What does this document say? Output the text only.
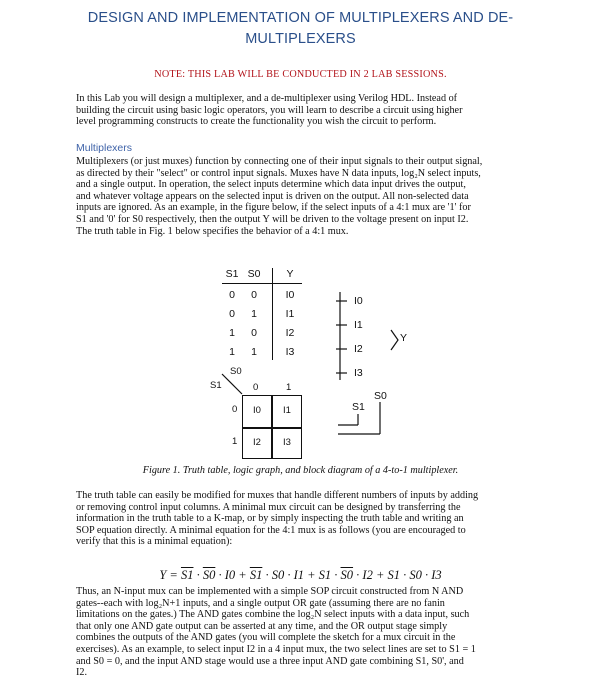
DESIGN AND IMPLEMENTATION OF MULTIPLEXERS AND DE-
MULTIPLEXERS
NOTE: THIS LAB WILL BE CONDUCTED IN 2 LAB SESSIONS.
In this Lab you will design a multiplexer, and a de-multiplexer using Verilog HDL. Instead of
building the circuit using basic logic operators, you will learn to describe a circuit using higher
level programming constructs to create the functionality you wish the circuit to perform.
Multiplexers
Multiplexers (or just muxes) function by connecting one of their input signals to their output signal,
as directed by their "select" or control input signals. Muxes have N data inputs, log₂N select inputs,
and a single output. In operation, the select inputs determine which data input drives the output,
and whatever voltage appears on the selected input is driven on the output. All non-selected data
inputs are ignored. As an example, in the figure below, if the select inputs of a 4:1 mux are '1' for
S1 and '0' for S0 respectively, then the output Y will be driven to the voltage present on input I2.
The truth table in Fig. 1 below specifies the behavior of a 4:1 mux.
S1 S0	Y
0	0	I0
0	1	I1
1	0	I2
1	1	I3
S0
S1	0	1
0
1
I0	I1
I2	I3
I0
I1
I2
I3
Y
S0
S1
Figure 1. Truth table, logic graph, and block diagram of a 4-to-1 multiplexer.
The truth table can easily be modified for muxes that handle different numbers of inputs by adding
or removing control input columns. A minimal mux circuit can be designed by transferring the
information in the truth table to a K-map, or by simply inspecting the truth table and writing an
SOP equation directly. A minimal equation for the 4:1 mux is as follows (you are encouraged to
verify that this is a minimal equation):
Y = S1 · S0 · I0 + S1 · S0 · I1 + S1 · S0 · I2 + S1 · S0 · I3
Thus, an N-input mux can be implemented with a simple SOP circuit constructed from N AND
gates--each with log₂N+1 inputs, and a single output OR gate (assuming there are no fanin
limitations on the gates.) The AND gates combine the log₂N select inputs with a data input, such
that only one AND gate output can be asserted at any time, and the OR output stage simply
combines the outputs of the AND gates (you will complete the sketch for a mux circuit in the
exercises). As an example, to select input I2 in a 4 input mux, the two select lines are set to S1 = 1
and S0 = 0, and the input AND stage would use a three input AND gate combining S1, S0', and
I2.
